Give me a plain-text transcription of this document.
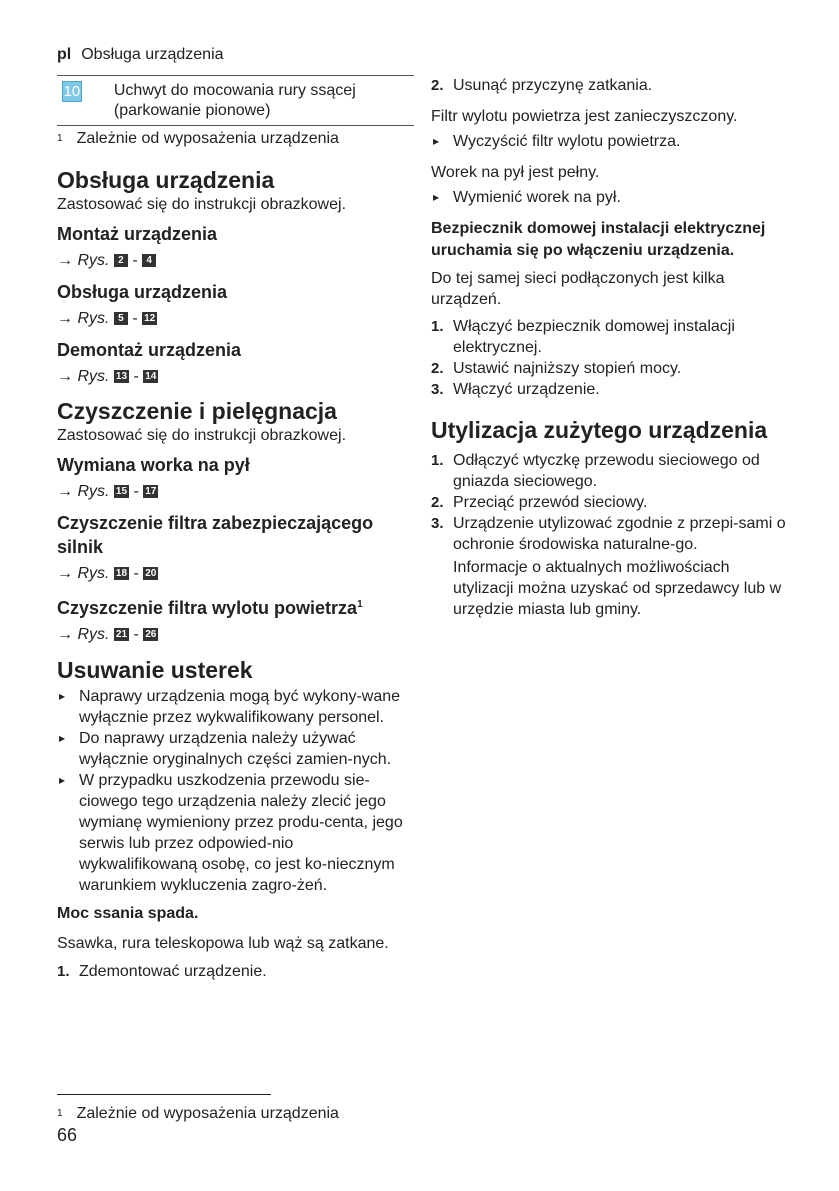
pl Obsługa urządzenia
10 Uchwyt do mocowania rury ssącej (parkowanie pionowe)
$^1$ Zależnie od wyposażenia urządzenia
Obsługa urządzenia

Zastosować się do instrukcji obrazkowej.

Montaż urządzenia
→ Rys. 2 - 4
Obsługa urządzenia
→ Rys. 5 - 12
Demontaż urządzenia
→ Rys. 13 - 14
Czyszczenie i pielęgnacja

Zastosować się do instrukcji obrazkowej.

Wymiana worka na pył
→ Rys. 15 - 17
Czyszczenie filtra zabezpieczającego silnik
→ Rys. 18 - 20
Czyszczenie filtra wylotu powietrza$^1$
→ Rys. 21 - 26
Usuwanie usterek
▸ Naprawy urządzenia mogą być wykony-wane wyłącznie przez wykwalifikowany personel.
▸ Do naprawy urządzenia należy używać wyłącznie oryginalnych części zamien-nych.
▸ W przypadku uszkodzenia przewodu sie-ciowego tego urządzenia należy zlecić jego wymianę wymieniony przez produ-centa, jego serwis lub przez odpowied-nio wykwalifikowaną osobę, co jest ko-niecznym warunkiem wykluczenia zagro-żeń.
Moc ssania spada.

Ssawka, rura teleskopowa lub wąż są zatkane.

1. Zdemontować urządzenie.
2. Usunąć przyczynę zatkania.

Filtr wylotu powietrza jest zanieczyszczony.

▸ Wyczyścić filtr wylotu powietrza.

Worek na pył jest pełny.

▸ Wymienić worek na pył.
Bezpiecznik domowej instalacji elektrycznej uruchamia się po włączeniu urządzenia.

Do tej samej sieci podłączonych jest kilka urządzeń.

1. Włączyć bezpiecznik domowej instalacji elektrycznej.
2. Ustawić najniższy stopień mocy.
3. Włączyć urządzenie.
Utylizacja zużytego urządzenia
1. Odłączyć wtyczkę przewodu sieciowego od gniazda sieciowego.
2. Przeciąć przewód sieciowy.
3. Urządzenie utylizować zgodnie z przepi-sami o ochronie środowiska naturalne-go.

Informacje o aktualnych możliwościach utylizacji można uzyskać od sprzedawcy lub w urzędzie miasta lub gminy.

$^1$ Zależnie od wyposażenia urządzenia
66
